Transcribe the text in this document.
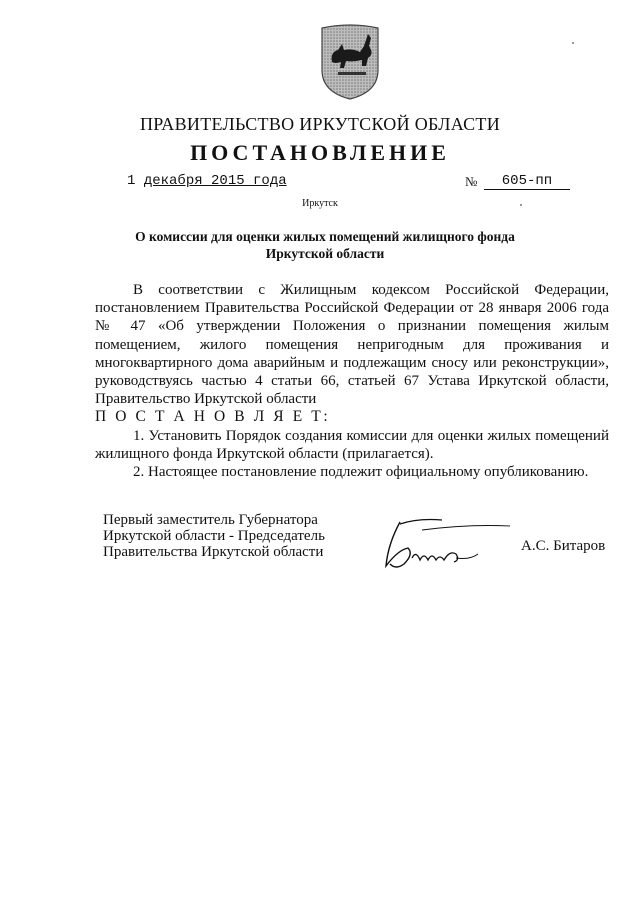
ПРАВИТЕЛЬСТВО ИРКУТСКОЙ ОБЛАСТИ
ПОСТАНОВЛЕНИЕ
1 декабря 2015 года	№	605-пп
Иркутск
О комиссии для оценки жилых помещений жилищного фонда
Иркутской области

В соответствии с Жилищным кодексом Российской Федерации, постановлением Правительства Российской Федерации от 28 января 2006 года № 47 «Об утверждении Положения о признании помещения жилым помещением, жилого помещения непригодным для проживания и многоквартирного дома аварийным и подлежащим сносу или реконструкции», руководствуясь частью 4 статьи 66, статьей 67 Устава Иркутской области, Правительство Иркутской области

П О С Т А Н О В Л Я Е Т:

1. Установить Порядок создания комиссии для оценки жилых помещений жилищного фонда Иркутской области (прилагается).

2. Настоящее постановление подлежит официальному опубликованию.

Первый заместитель Губернатора
Иркутской области - Председатель
Правительства Иркутской области	А.С. Битаров
